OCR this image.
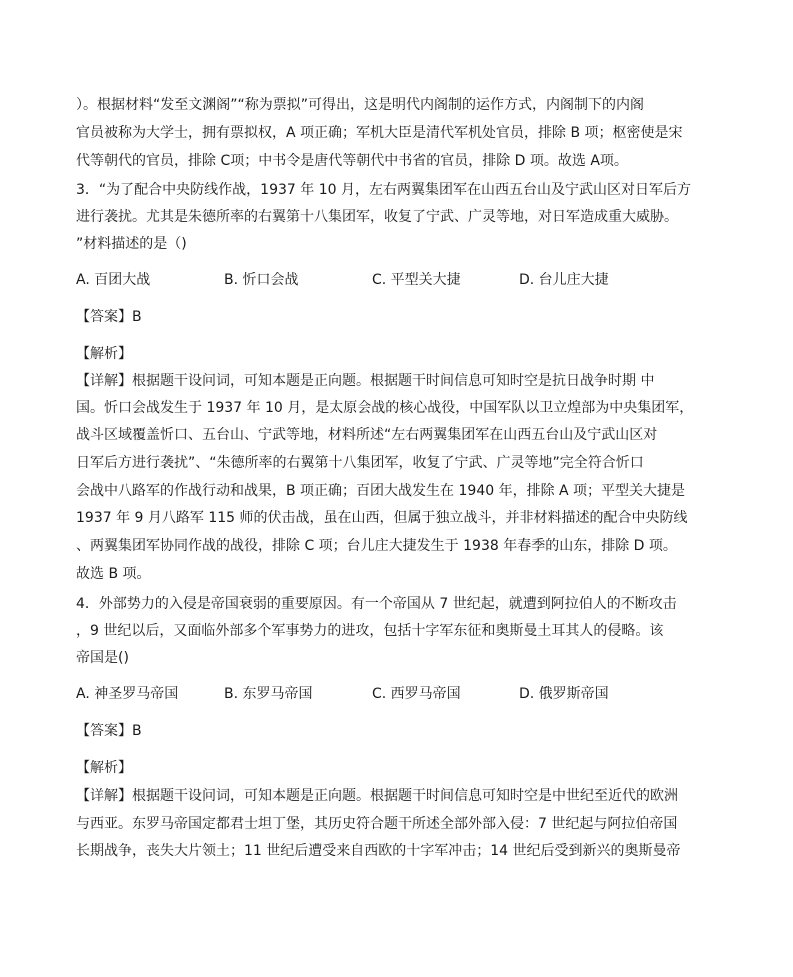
）。根据材料“发至文渊阁”“称为票拟”可得出，这是明代内阁制的运作方式，内阁制下的内阁
官员被称为大学士，拥有票拟权，A 项正确；军机大臣是清代军机处官员，排除 B 项；枢密使是宋
代等朝代的官员，排除 C项；中书令是唐代等朝代中书省的官员，排除 D 项。故选 A项。
3．“为了配合中央防线作战，1937 年 10 月，左右两翼集团军在山西五台山及宁武山区对日军后方
进行袭扰。尤其是朱德所率的右翼第十八集团军，收复了宁武、广灵等地，对日军造成重大威胁。
”材料描述的是（)
A. 百团大战	B. 忻口会战	C. 平型关大捷	D. 台儿庄大捷
【答案】B
【解析】
【详解】根据题干设问词，可知本题是正向题。根据题干时间信息可知时空是抗日战争时期 中
国。忻口会战发生于 1937 年 10 月，是太原会战的核心战役，中国军队以卫立煌部为中央集团军，
战斗区域覆盖忻口、五台山、宁武等地，材料所述“左右两翼集团军在山西五台山及宁武山区对
日军后方进行袭扰”、“朱德所率的右翼第十八集团军，收复了宁武、广灵等地”完全符合忻口
会战中八路军的作战行动和战果，B 项正确；百团大战发生在 1940 年，排除 A 项；平型关大捷是
1937 年 9 月八路军 115 师的伏击战，虽在山西，但属于独立战斗，并非材料描述的配合中央防线
、两翼集团军协同作战的战役，排除 C 项；台儿庄大捷发生于 1938 年春季的山东，排除 D 项。
故选 B 项。
4．外部势力的入侵是帝国衰弱的重要原因。有一个帝国从 7 世纪起，就遭到阿拉伯人的不断攻击
，9 世纪以后，又面临外部多个军事势力的进攻，包括十字军东征和奥斯曼土耳其人的侵略。该
帝国是()
A. 神圣罗马帝国	B. 东罗马帝国	C. 西罗马帝国	D. 俄罗斯帝国
【答案】B
【解析】
【详解】根据题干设问词，可知本题是正向题。根据题干时间信息可知时空是中世纪至近代的欧洲
与西亚。东罗马帝国定都君士坦丁堡，其历史符合题干所述全部外部入侵：7 世纪起与阿拉伯帝国
长期战争，丧失大片领土；11 世纪后遭受来自西欧的十字军冲击；14 世纪后受到新兴的奥斯曼帝
